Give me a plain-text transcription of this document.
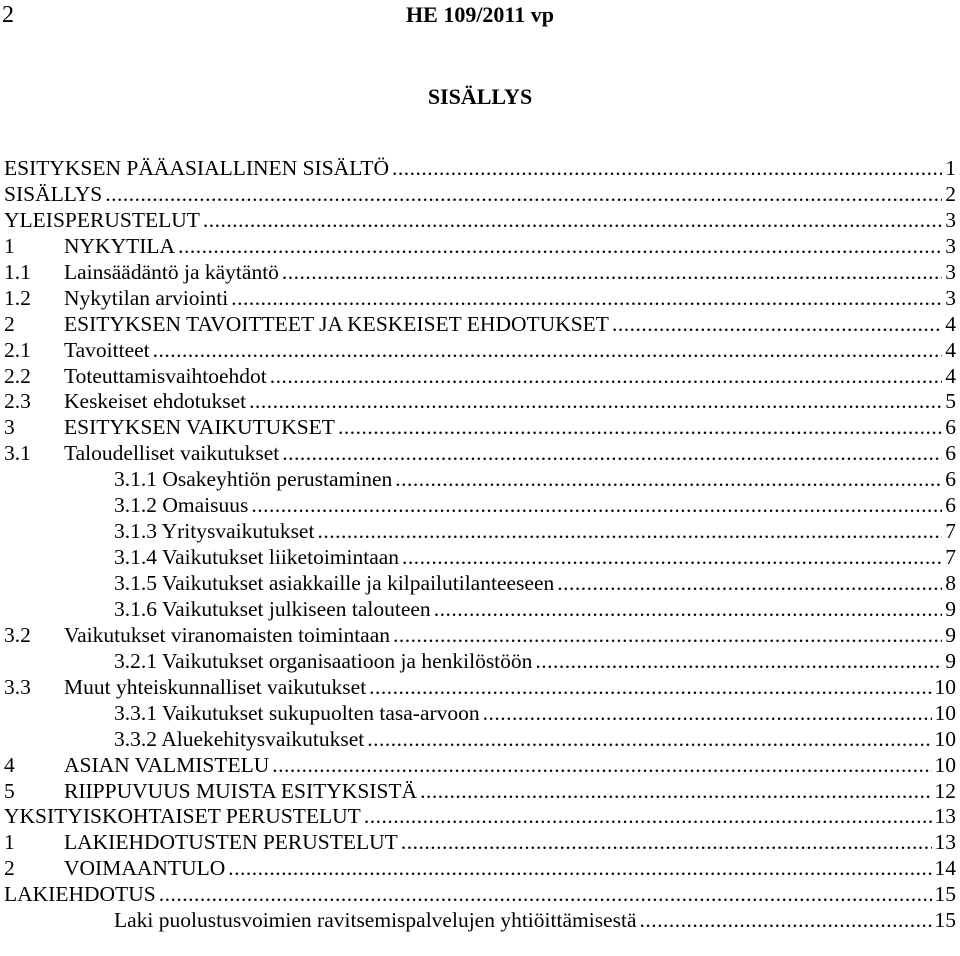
2	HE 109/2011 vp
SISÄLLYS
ESITYKSEN PÄÄASIALLINEN SISÄLTÖ .....	1
SISÄLLYS .....	2
YLEISPERUSTELUT .....	3
1	NYKYTILA .....	3
1.1	Lainsäädäntö ja käytäntö .....	3
1.2	Nykytilan arviointi .....	3
2	ESITYKSEN TAVOITTEET JA KESKEISET EHDOTUKSET .....	4
2.1	Tavoitteet .....	4
2.2	Toteuttamisvaihtoehdot .....	4
2.3	Keskeiset ehdotukset .....	5
3	ESITYKSEN VAIKUTUKSET .....	6
3.1	Taloudelliset vaikutukset .....	6
3.1.1 Osakeyhtiön perustaminen .....	6
3.1.2 Omaisuus .....	6
3.1.3 Yritysvaikutukset .....	7
3.1.4 Vaikutukset liiketoimintaan .....	7
3.1.5 Vaikutukset asiakkaille ja kilpailutilanteeseen .....	8
3.1.6 Vaikutukset julkiseen talouteen .....	9
3.2	Vaikutukset viranomaisten toimintaan .....	9
3.2.1 Vaikutukset organisaatioon ja henkilöstöön .....	9
3.3	Muut yhteiskunnalliset vaikutukset .....	10
3.3.1 Vaikutukset sukupuolten tasa-arvoon .....	10
3.3.2 Aluekehitysvaikutukset .....	10
4	ASIAN VALMISTELU .....	10
5	RIIPPUVUUS MUISTA ESITYKSISTÄ .....	12
YKSITYISKOHTAISET PERUSTELUT .....	13
1	LAKIEHDOTUSTEN PERUSTELUT .....	13
2	VOIMAANTULO .....	14
LAKIEHDOTUS .....	15
Laki puolustusvoimien ravitsemispalvelujen yhtiöittämisestä .....	15
